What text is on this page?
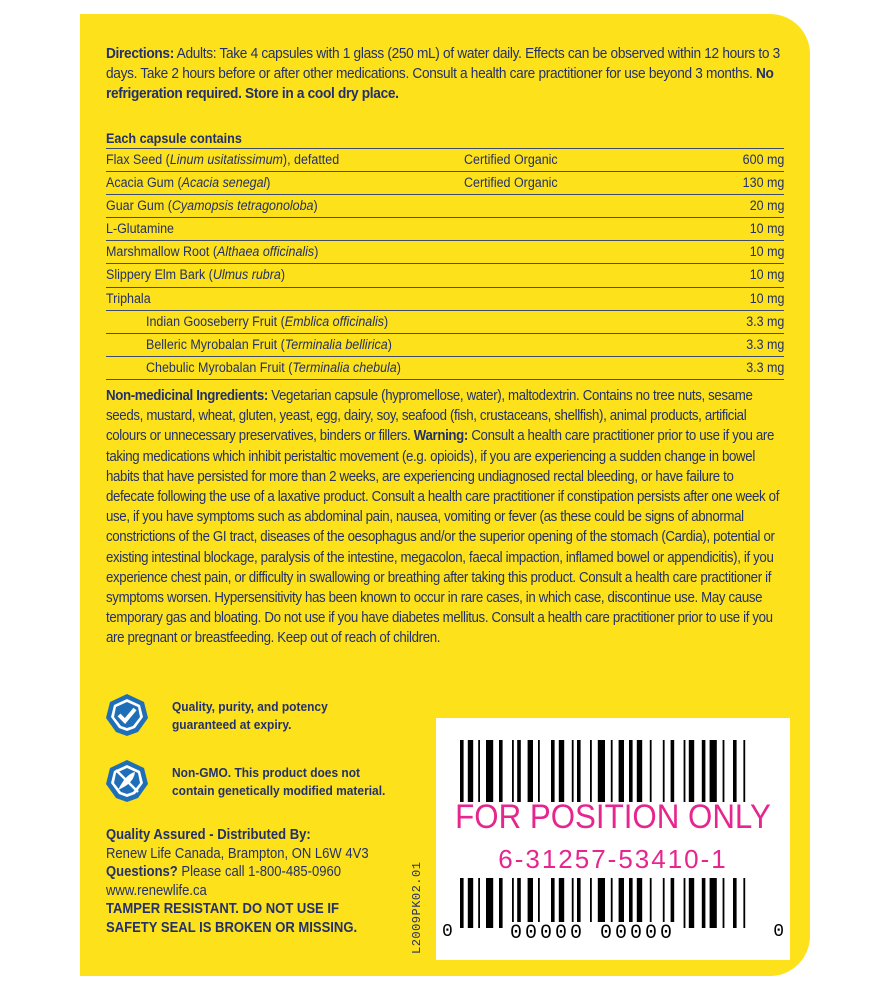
Directions: Adults: Take 4 capsules with 1 glass (250 mL) of water daily. Effects can be observed within 12 hours to 3 days. Take 2 hours before or after other medications. Consult a health care practitioner for use beyond 3 months. No refrigeration required. Store in a cool dry place.
Each capsule contains
Flax Seed (Linum usitatissimum), defatted	Certified Organic	600 mg
Acacia Gum (Acacia senegal)	Certified Organic	130 mg
Guar Gum (Cyamopsis tetragonoloba)	20 mg
L-Glutamine	10 mg
Marshmallow Root (Althaea officinalis)	10 mg
Slippery Elm Bark (Ulmus rubra)	10 mg
Triphala	10 mg
Indian Gooseberry Fruit (Emblica officinalis)	3.3 mg
Belleric Myrobalan Fruit (Terminalia bellirica)	3.3 mg
Chebulic Myrobalan Fruit (Terminalia chebula)	3.3 mg
Non-medicinal Ingredients: Vegetarian capsule (hypromellose, water), maltodextrin. Contains no tree nuts, sesame seeds, mustard, wheat, gluten, yeast, egg, dairy, soy, seafood (fish, crustaceans, shellfish), animal products, artificial colours or unnecessary preservatives, binders or fillers. Warning: Consult a health care practitioner prior to use if you are taking medications which inhibit peristaltic movement (e.g. opioids), if you are experiencing a sudden change in bowel habits that have persisted for more than 2 weeks, are experiencing undiagnosed rectal bleeding, or have failure to defecate following the use of a laxative product. Consult a health care practitioner if constipation persists after one week of use, if you have symptoms such as abdominal pain, nausea, vomiting or fever (as these could be signs of abnormal constrictions of the GI tract, diseases of the oesophagus and/or the superior opening of the stomach (Cardia), potential or existing intestinal blockage, paralysis of the intestine, megacolon, faecal impaction, inflamed bowel or appendicitis), if you experience chest pain, or difficulty in swallowing or breathing after taking this product. Consult a health care practitioner if symptoms worsen. Hypersensitivity has been known to occur in rare cases, in which case, discontinue use. May cause temporary gas and bloating. Do not use if you have diabetes mellitus. Consult a health care practitioner prior to use if you are pregnant or breastfeeding. Keep out of reach of children.
Quality, purity, and potency
guaranteed at expiry.
Non-GMO. This product does not
contain genetically modified material.
Quality Assured - Distributed By:
Renew Life Canada, Brampton, ON L6W 4V3
Questions? Please call 1-800-485-0960
www.renewlife.ca
TAMPER RESISTANT. DO NOT USE IF
SAFETY SEAL IS BROKEN OR MISSING.	L2009PK02.01
FOR POSITION ONLY
6-31257-53410-1
0	00000 00000	0
